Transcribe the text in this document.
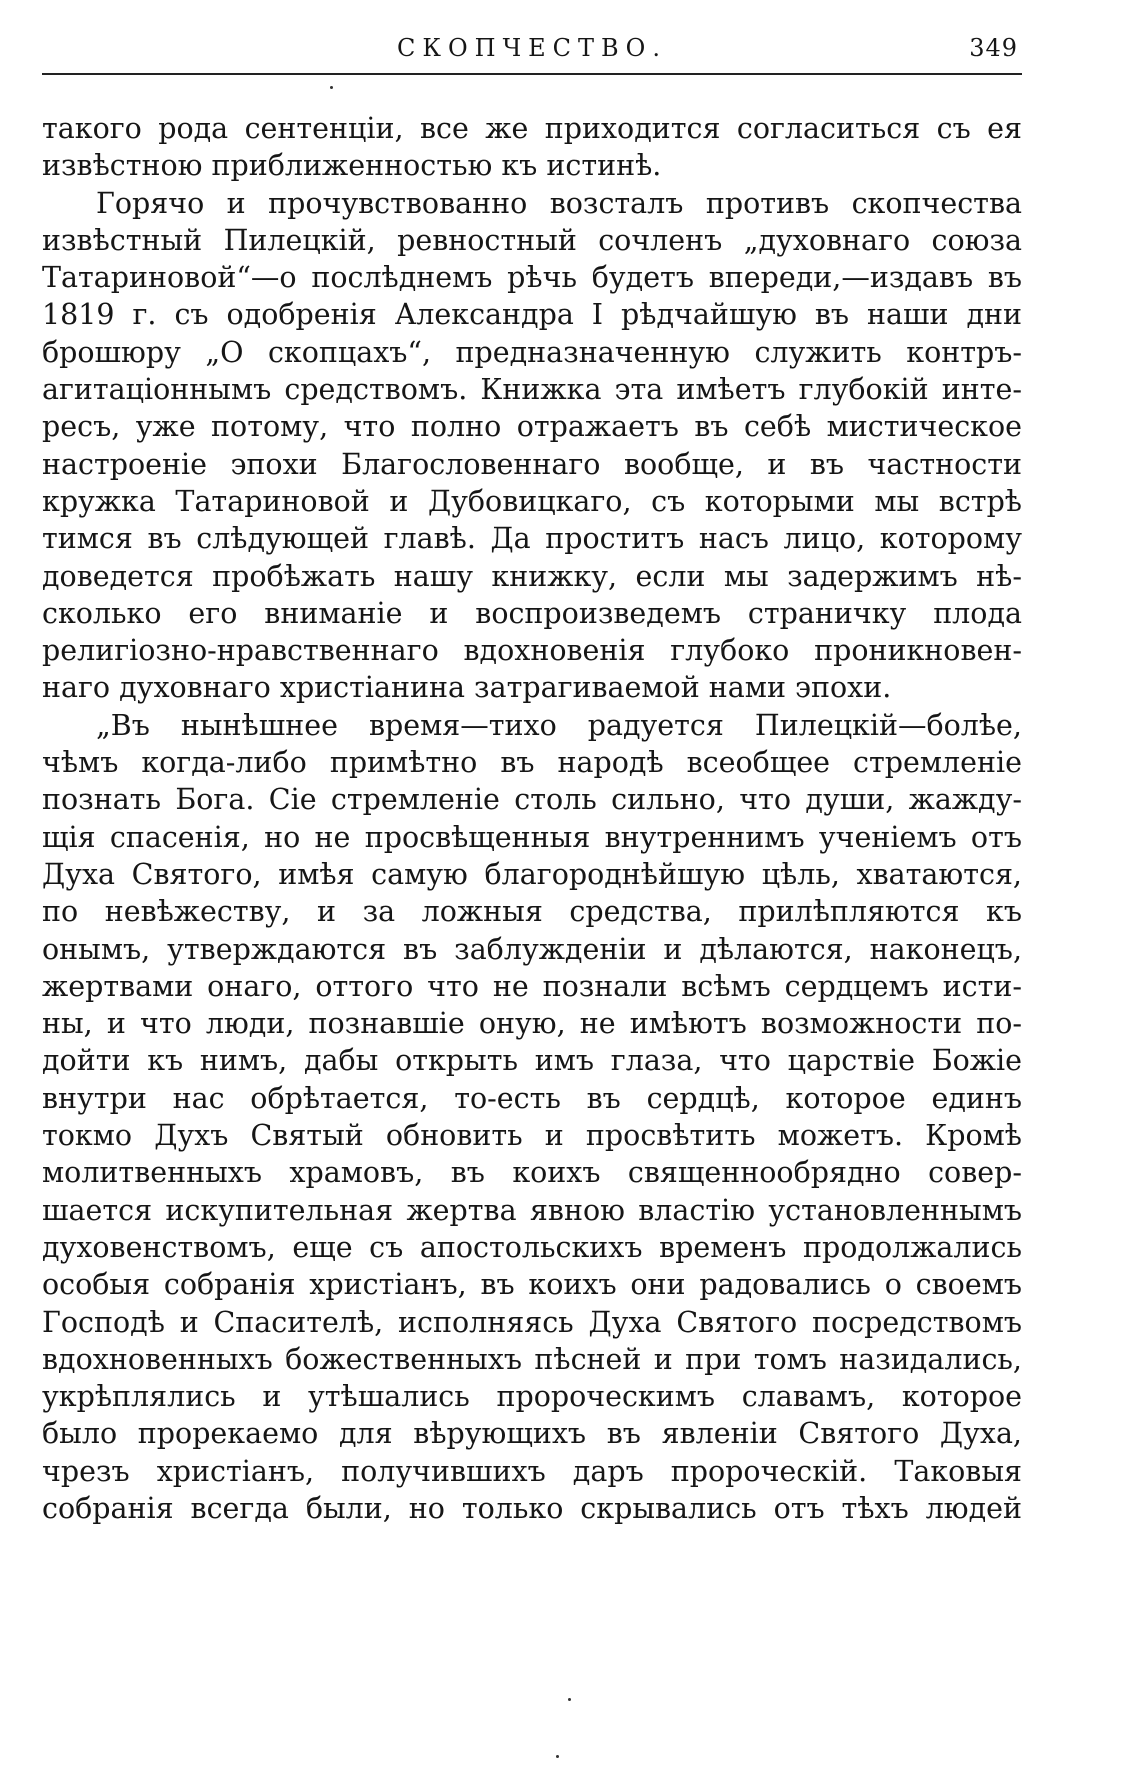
СКОПЧЕСТВО.	349
такого рода сентенціи, все же приходится согласиться съ ея
извѣстною приближенностью къ истинѣ.
Горячо и прочувствованно возсталъ противъ скопчества
извѣстный Пилецкій, ревностный сочленъ „духовнаго союза
Татариновой“—о послѣднемъ рѣчь будетъ впереди,—издавъ въ
1819 г. съ одобренія Александра I рѣдчайшую въ наши дни
брошюру „О скопцахъ“, предназначенную служить контръ-
агитаціоннымъ средствомъ. Книжка эта имѣетъ глубокій инте-
ресъ, уже потому, что полно отражаетъ въ себѣ мистическое
настроеніе эпохи Благословеннаго вообще, и въ частности
кружка Татариновой и Дубовицкаго, съ которыми мы встрѣ
тимся въ слѣдующей главѣ. Да проститъ насъ лицо, которому
доведется пробѣжать нашу книжку, если мы задержимъ нѣ-
сколько его вниманіе и воспроизведемъ страничку плода
религіозно-нравственнаго вдохновенія глубоко проникновен-
наго духовнаго христіанина затрагиваемой нами эпохи.
„Въ нынѣшнее время—тихо радуется Пилецкій—болѣе,
чѣмъ когда-либо примѣтно въ народѣ всеобщее стремленіе
познать Бога. Сіе стремленіе столь сильно, что души, жажду-
щія спасенія, но не просвѣщенныя внутреннимъ ученіемъ отъ
Духа Святого, имѣя самую благороднѣйшую цѣль, хватаются,
по невѣжеству, и за ложныя средства, прилѣпляются къ
онымъ, утверждаются въ заблужденіи и дѣлаются, наконецъ,
жертвами онаго, оттого что не познали всѣмъ сердцемъ исти-
ны, и что люди, познавшіе оную, не имѣютъ возможности по-
дойти къ нимъ, дабы открыть имъ глаза, что царствіе Божіе
внутри нас обрѣтается, то-есть въ сердцѣ, которое единъ
токмо Духъ Святый обновить и просвѣтить можетъ. Кромѣ
молитвенныхъ храмовъ, въ коихъ священнообрядно совер-
шается искупительная жертва явною властію установленнымъ
духовенствомъ, еще съ апостольскихъ временъ продолжались
особыя собранія христіанъ, въ коихъ они радовались о своемъ
Господѣ и Спасителѣ, исполняясь Духа Святого посредствомъ
вдохновенныхъ божественныхъ пѣсней и при томъ назидались,
укрѣплялись и утѣшались пророческимъ славамъ, которое
было прорекаемо для вѣрующихъ въ явленіи Святого Духа,
чрезъ христіанъ, получившихъ даръ пророческій. Таковыя
собранія всегда были, но только скрывались отъ тѣхъ людей
